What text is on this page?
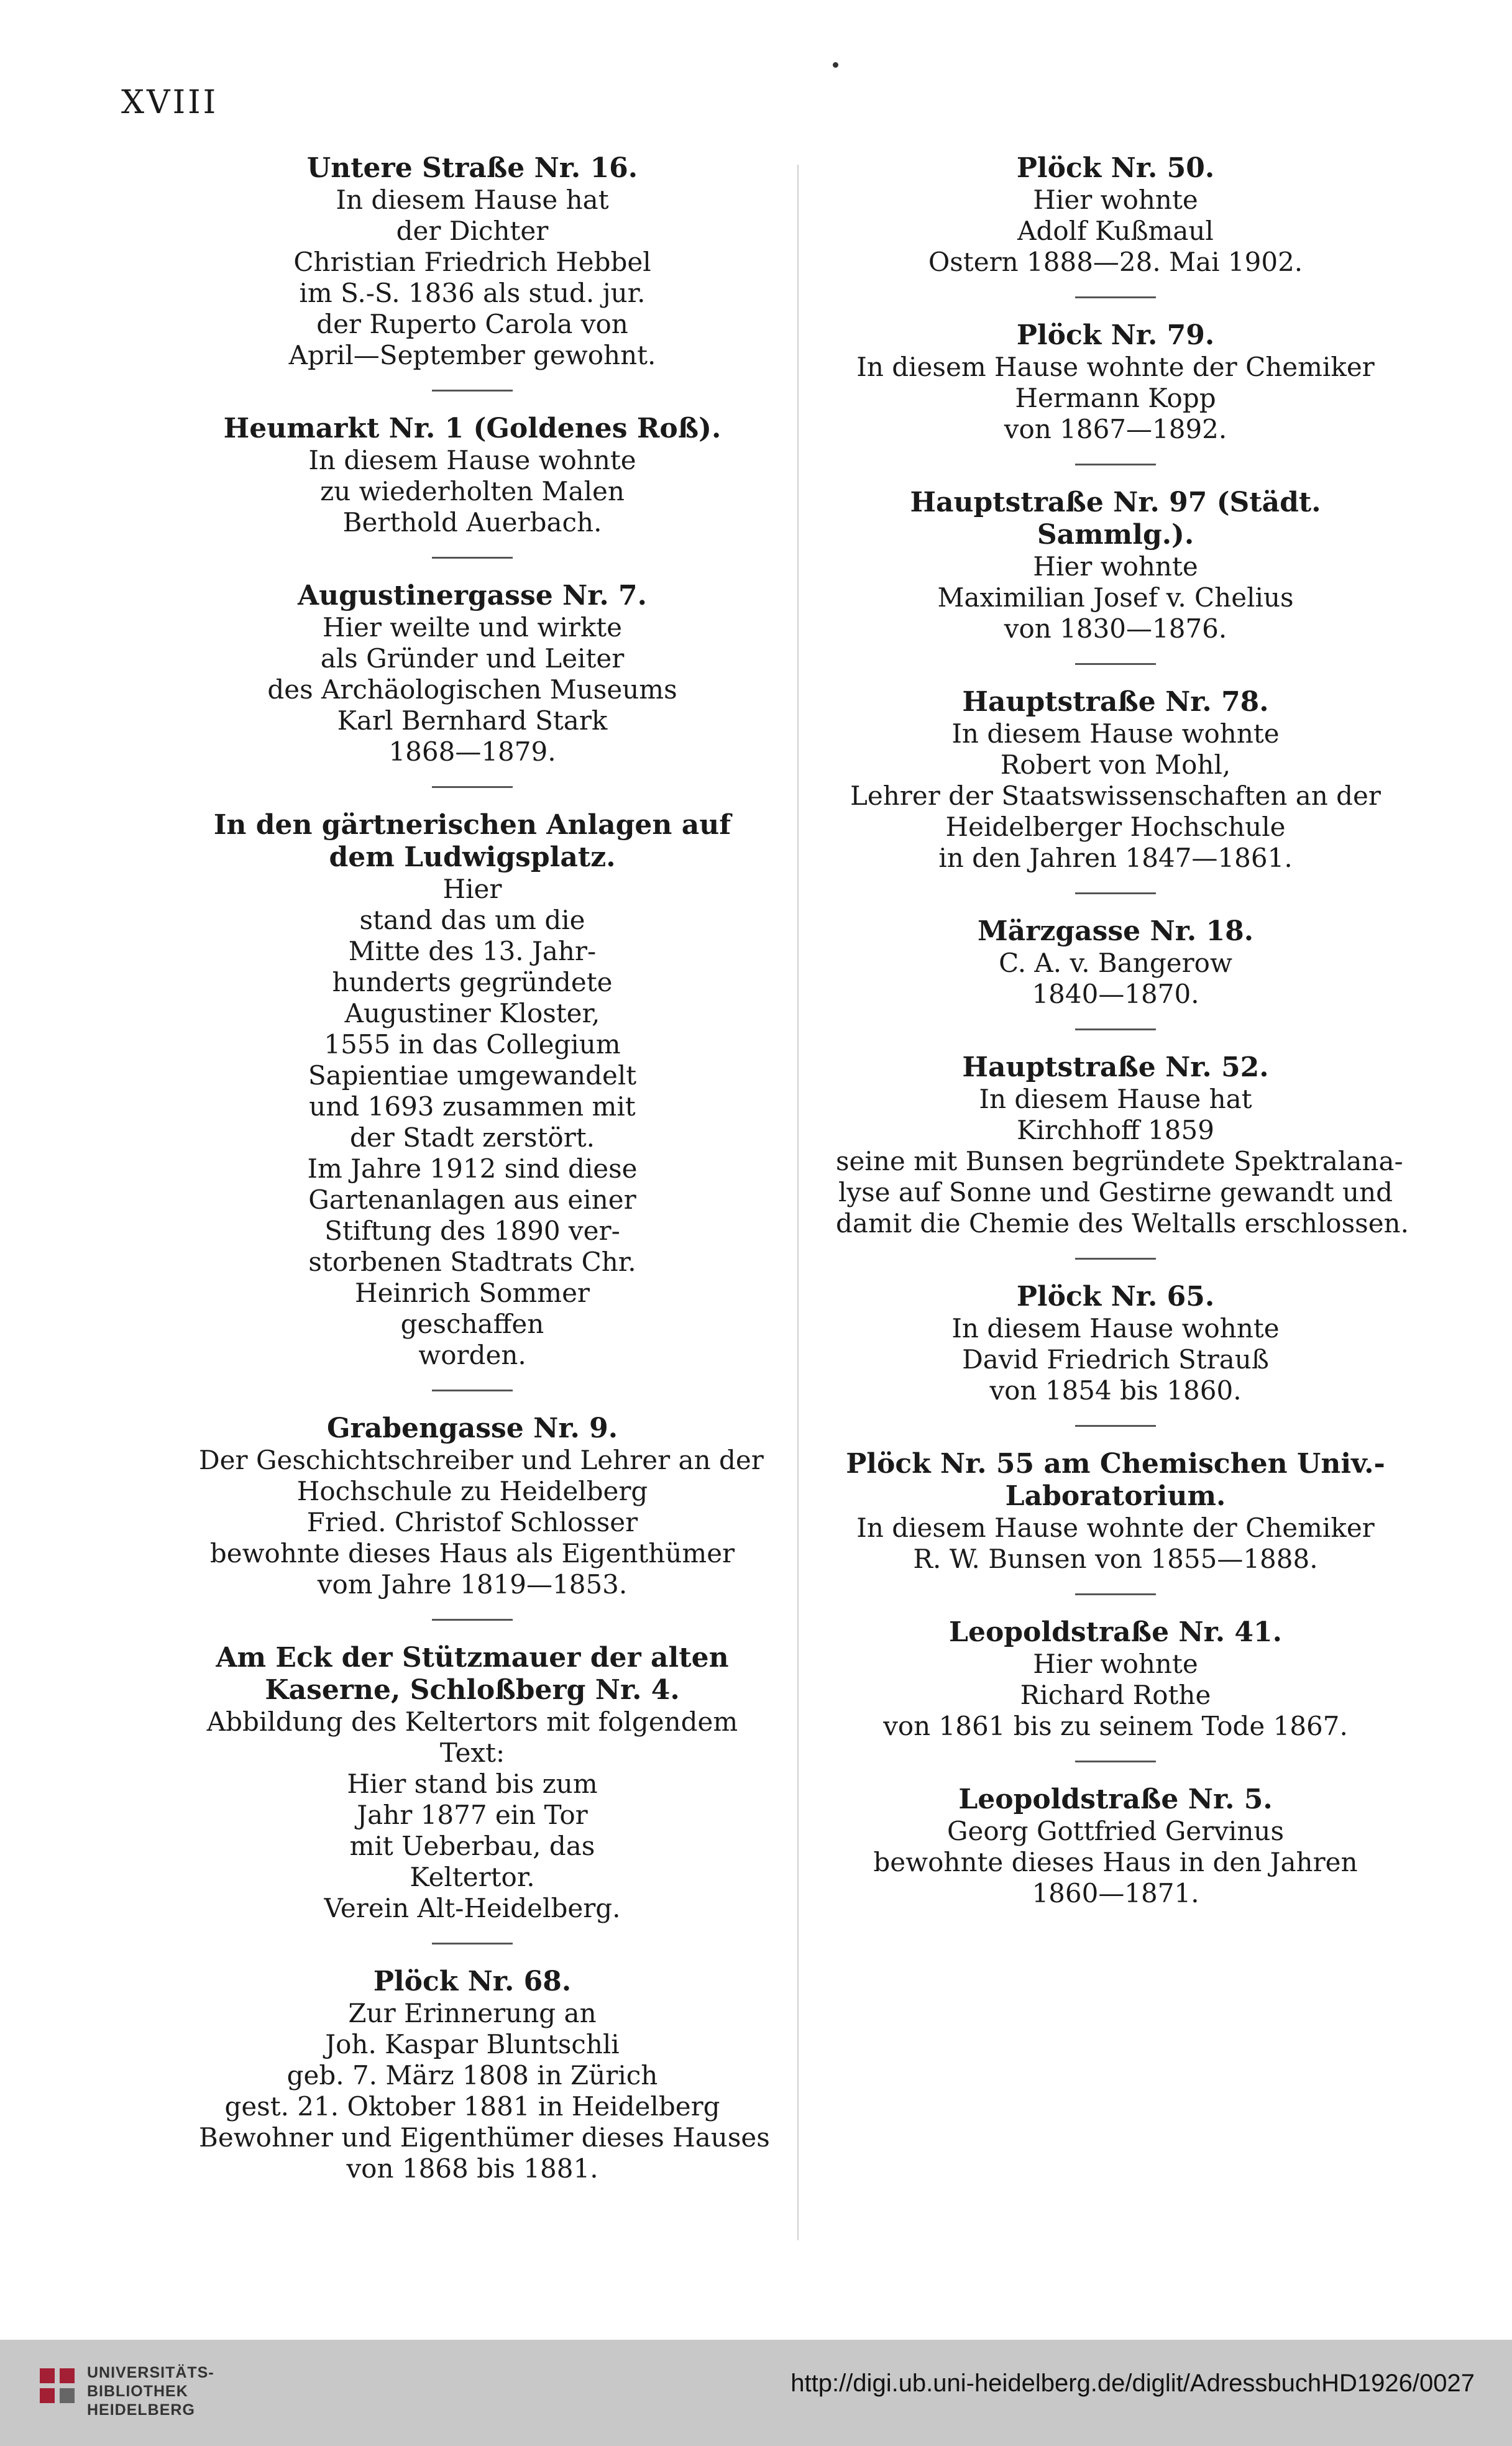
XVIII
Untere Straße Nr. 16.
In diesem Hause hat
der Dichter
Christian Friedrich Hebbel
im S.-S. 1836 als stud. jur.
der Ruperto Carola von
April—September gewohnt.
Heumarkt Nr. 1 (Goldenes Roß).
In diesem Hause wohnte
zu wiederholten Malen
Berthold Auerbach.
Augustinergasse Nr. 7.
Hier weilte und wirkte
als Gründer und Leiter
des Archäologischen Museums
Karl Bernhard Stark
1868—1879.
In den gärtnerischen Anlagen auf dem Ludwigsplatz.
Hier
stand das um die
Mitte des 13. Jahr-
hunderts gegründete
Augustiner Kloster,
1555 in das Collegium
Sapientiae umgewandelt
und 1693 zusammen mit
der Stadt zerstört.
Im Jahre 1912 sind diese
Gartenanlagen aus einer
Stiftung des 1890 ver-
storbenen Stadtrats Chr.
Heinrich Sommer
geschaffen
worden.
Grabengasse Nr. 9.
Der Geschichtschreiber und Lehrer an der
Hochschule zu Heidelberg
Fried. Christof Schlosser
bewohnte dieses Haus als Eigenthümer
vom Jahre 1819—1853.
Am Eck der Stützmauer der alten Kaserne, Schloßberg Nr. 4.
Abbildung des Keltertors mit folgendem
Text:
Hier stand bis zum
Jahr 1877 ein Tor
mit Ueberbau, das
Keltertor.
Verein Alt-Heidelberg.
Plöck Nr. 68.
Zur Erinnerung an
Joh. Kaspar Bluntschli
geb. 7. März 1808 in Zürich
gest. 21. Oktober 1881 in Heidelberg
Bewohner und Eigenthümer dieses Hauses
von 1868 bis 1881.
Plöck Nr. 50.
Hier wohnte
Adolf Kußmaul
Ostern 1888—28. Mai 1902.
Plöck Nr. 79.
In diesem Hause wohnte der Chemiker
Hermann Kopp
von 1867—1892.
Hauptstraße Nr. 97 (Städt. Sammlg.).
Hier wohnte
Maximilian Josef v. Chelius
von 1830—1876.
Hauptstraße Nr. 78.
In diesem Hause wohnte
Robert von Mohl,
Lehrer der Staatswissenschaften an der
Heidelberger Hochschule
in den Jahren 1847—1861.
Märzgasse Nr. 18.
C. A. v. Bangerow
1840—1870.
Hauptstraße Nr. 52.
In diesem Hause hat
Kirchhoff 1859
seine mit Bunsen begründete Spektralana-
lyse auf Sonne und Gestirne gewandt und
damit die Chemie des Weltalls erschlossen.
Plöck Nr. 65.
In diesem Hause wohnte
David Friedrich Strauß
von 1854 bis 1860.
Plöck Nr. 55 am Chemischen Univ.-Laboratorium.
In diesem Hause wohnte der Chemiker
R. W. Bunsen von 1855—1888.
Leopoldstraße Nr. 41.
Hier wohnte
Richard Rothe
von 1861 bis zu seinem Tode 1867.
Leopoldstraße Nr. 5.
Georg Gottfried Gervinus
bewohnte dieses Haus in den Jahren
1860—1871.
UNIVERSITÄTS-
BIBLIOTHEK
HEIDELBERG
http://digi.ub.uni-heidelberg.de/diglit/AdressbuchHD1926/0027
